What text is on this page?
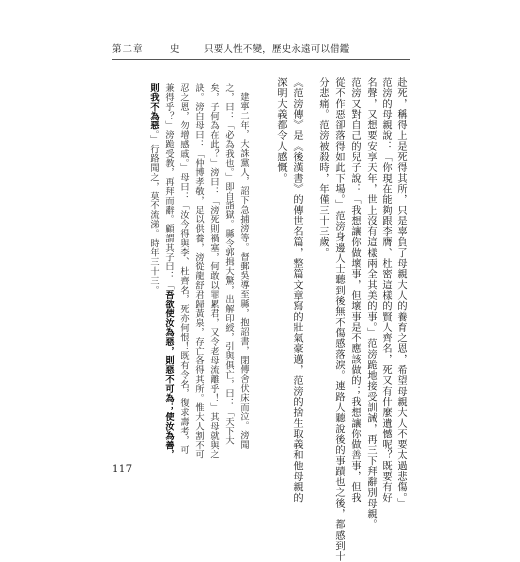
第二章	史 只要人性不變，歷史永遠可以借鑑
赴死，稱得上是死得其所，只是辜負了母親大人的養育之恩，希望母親大人不要太過悲傷。」
范滂的母親說：「你現在能夠跟李膺、杜密這樣的賢人齊名，死又有什麼遺憾呢？既要有好
名聲，又想要安享天年，世上沒有這樣兩全其美的事。」范滂跪地接受訓誡，再三下拜辭別母親。
范滂又對自己的兒子說：「我想讓你做壞事，但壞事是不應該做的；我想讓你做善事，但我
從不作惡卻落得如此下場。」范滂身邊人士聽到後無不傷感落淚。連路人聽說後的事蹟也之後，都感到十
分悲痛。范滂被殺時，年僅三十三歲。
《范滂傳》是《後漢書》的傳世名篇，整篇文章寫的壯氣豪邁，范滂的捨生取義和他母親的
深明大義都令人感慨。
建寧二年，大誅黨人，詔下急捕滂等。督郵吳導至縣，抱詔書，閉傳舍伏床而泣。滂聞
之，曰：「必為我也。」即自詣獄。縣令郭揖大驚，出解印綬，引與俱亡，曰：「天下大
矣，子何為在此？」滂曰：「滂死則禍塞，何敢以罪累君，又令老母流離乎！」其母就與之
訣。滂白母曰：「仲博孝敬，足以供養，滂從龍舒君歸黃泉，存亡各得其所。惟大人割不可
忍之恩，勿增感戚。」母曰：「汝今得與李、杜齊名，死亦何恨！既有令名，復求壽考，可
兼得乎？」滂跪受教，再拜而辭。顧謂其子曰：「吾欲使汝為惡，則惡不可為；使汝為善，
則我不為惡。」行路聞之，莫不流涕。時年三十三。
117
